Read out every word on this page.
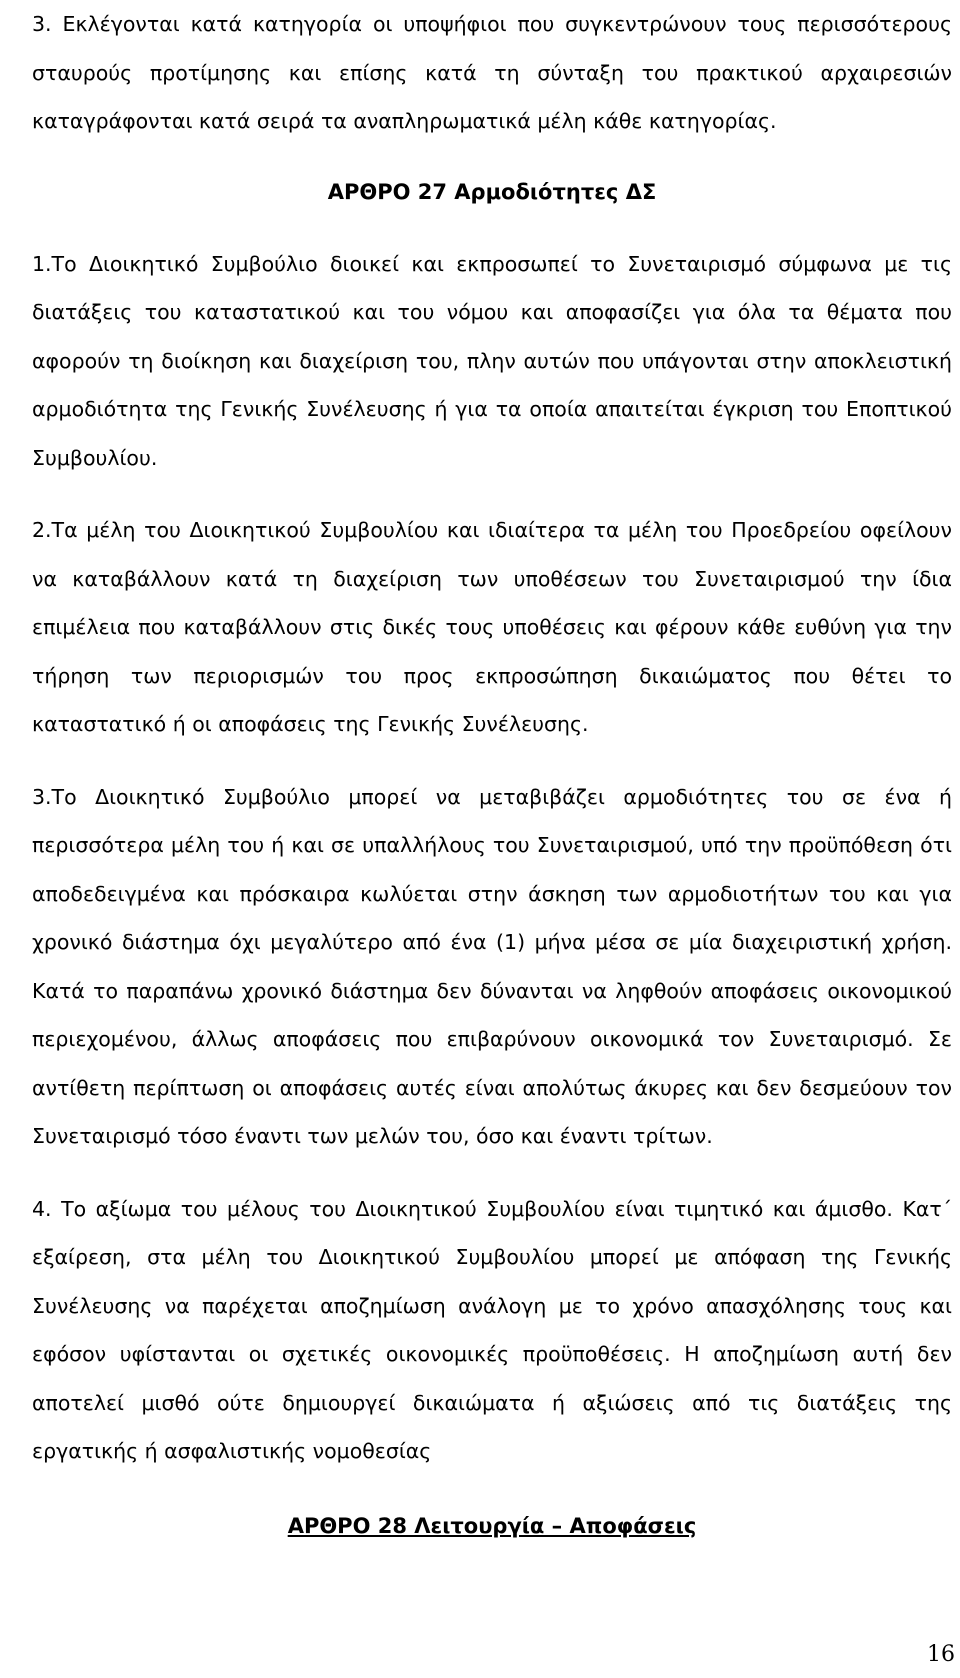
3. Εκλέγονται κατά κατηγορία οι υποψήφιοι που συγκεντρώνουν τους περισσότερους σταυρούς προτίμησης και επίσης κατά τη σύνταξη του πρακτικού αρχαιρεσιών καταγράφονται κατά σειρά τα αναπληρωματικά μέλη κάθε κατηγορίας.

ΑΡΘΡΟ 27 Αρμοδιότητες ΔΣ

1.Το Διοικητικό Συμβούλιο διοικεί και εκπροσωπεί το Συνεταιρισμό σύμφωνα με τις διατάξεις του καταστατικού και του νόμου και αποφασίζει για όλα τα θέματα που αφορούν τη διοίκηση και διαχείριση του, πλην αυτών που υπάγονται στην αποκλειστική αρμοδιότητα της Γενικής Συνέλευσης ή για τα οποία απαιτείται έγκριση του Εποπτικού Συμβουλίου.

2.Τα μέλη του Διοικητικού Συμβουλίου και ιδιαίτερα τα μέλη του Προεδρείου οφείλουν να καταβάλλουν κατά τη διαχείριση των υποθέσεων του Συνεταιρισμού την ίδια επιμέλεια που καταβάλλουν στις δικές τους υποθέσεις και φέρουν κάθε ευθύνη για την τήρηση των περιορισμών του προς εκπροσώπηση δικαιώματος που θέτει το καταστατικό ή οι αποφάσεις της Γενικής Συνέλευσης.

3.Το Διοικητικό Συμβούλιο μπορεί να μεταβιβάζει αρμοδιότητες του σε ένα ή περισσότερα μέλη του ή και σε υπαλλήλους του Συνεταιρισμού, υπό την προϋπόθεση ότι αποδεδειγμένα και πρόσκαιρα κωλύεται στην άσκηση των αρμοδιοτήτων του και για χρονικό διάστημα όχι μεγαλύτερο από ένα (1) μήνα μέσα σε μία διαχειριστική χρήση. Κατά το παραπάνω χρονικό διάστημα δεν δύνανται να ληφθούν αποφάσεις οικονομικού περιεχομένου, άλλως αποφάσεις που επιβαρύνουν οικονομικά τον Συνεταιρισμό. Σε αντίθετη περίπτωση οι αποφάσεις αυτές είναι απολύτως άκυρες και δεν δεσμεύουν τον Συνεταιρισμό τόσο έναντι των μελών του, όσο και έναντι τρίτων.

4. Το αξίωμα του μέλους του Διοικητικού Συμβουλίου είναι τιμητικό και άμισθο. Κατ΄ εξαίρεση, στα μέλη του Διοικητικού Συμβουλίου μπορεί με απόφαση της Γενικής Συνέλευσης να παρέχεται αποζημίωση ανάλογη με το χρόνο απασχόλησης τους και εφόσον υφίστανται οι σχετικές οικονομικές προϋποθέσεις. Η αποζημίωση αυτή δεν αποτελεί μισθό ούτε δημιουργεί δικαιώματα ή αξιώσεις από τις διατάξεις της εργατικής ή ασφαλιστικής νομοθεσίας

ΑΡΘΡΟ 28 Λειτουργία – Αποφάσεις

16
